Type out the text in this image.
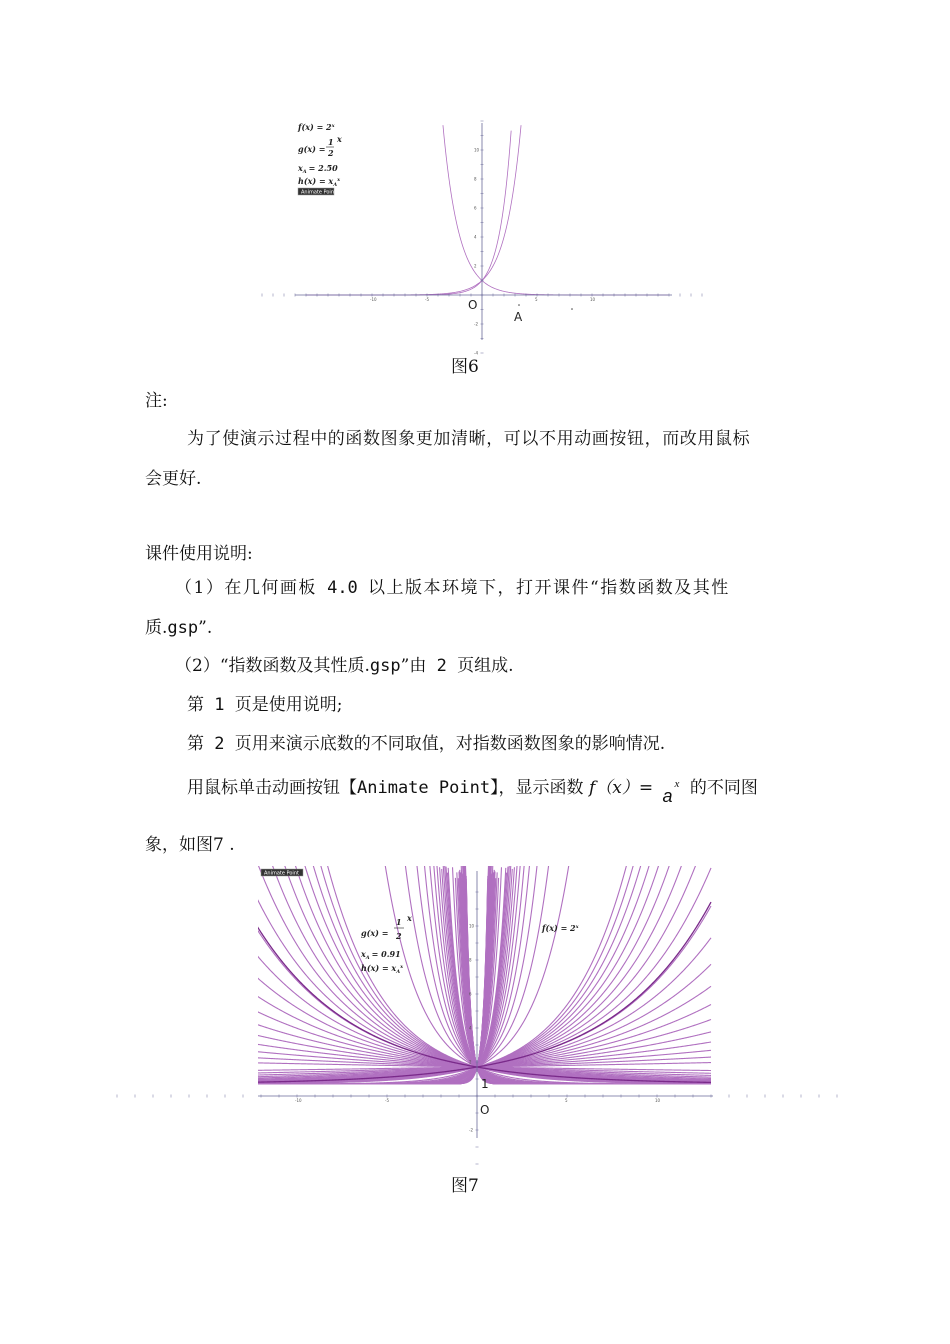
-10	-5	5	10
10
8
6
4
2
-2
-4
$f(x) = 2^x$
g(x) =
1
2
x
$x_A = 2.50$
$h(x) = x_A^x$
Animate Point
O
A
图6
注:
为了使演示过程中的函数图象更加清晰，可以不用动画按钮，而改用鼠标
会更好.
课件使用说明:
（1）在几何画板 4.0 以上版本环境下，打开课件“指数函数及其性
质.gsp”.
（2）“指数函数及其性质.gsp”由 2 页组成.
第 1 页是使用说明;
第 2 页用来演示底数的不同取值，对指数函数图象的影响情况.
用鼠标单击动画按钮【Animate Point】，显示函数 f（x）= a
x 的不同图
象，如图7 .
-10	-5	5	10
10
8
6
4
2
-2
Animate Point
g(x) =
1
2
x
$x_A = 0.91$
$h(x) = x_A^x$
$f(x) = 2^x$
1
O
图7
